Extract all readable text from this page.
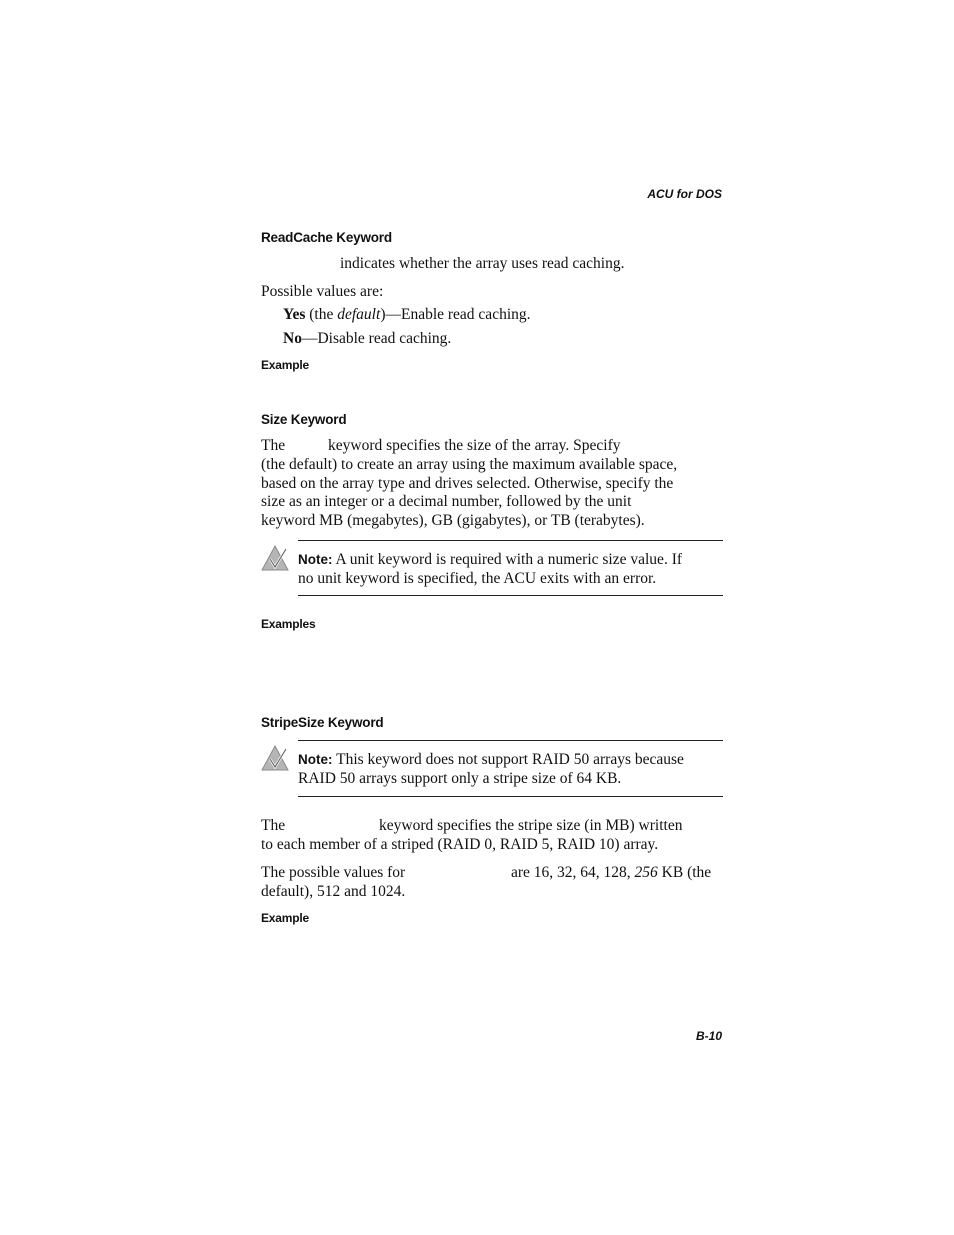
ACU for DOS
ReadCache Keyword
indicates whether the array uses read caching.
Possible values are:
Yes (the default)—Enable read caching.
No—Disable read caching.
Example
Size Keyword
The	keyword specifies the size of the array. Specify
(the default) to create an array using the maximum available space,
based on the array type and drives selected. Otherwise, specify the
size as an integer or a decimal number, followed by the unit
keyword MB (megabytes), GB (gigabytes), or TB (terabytes).
Note: A unit keyword is required with a numeric size value. If
no unit keyword is specified, the ACU exits with an error.
Examples
StripeSize Keyword
Note: This keyword does not support RAID 50 arrays because
RAID 50 arrays support only a stripe size of 64 KB.
The	keyword specifies the stripe size (in MB) written
to each member of a striped (RAID 0, RAID 5, RAID 10) array.
The possible values for	are 16, 32, 64, 128, 256 KB (the
default), 512 and 1024.
Example
B-10
